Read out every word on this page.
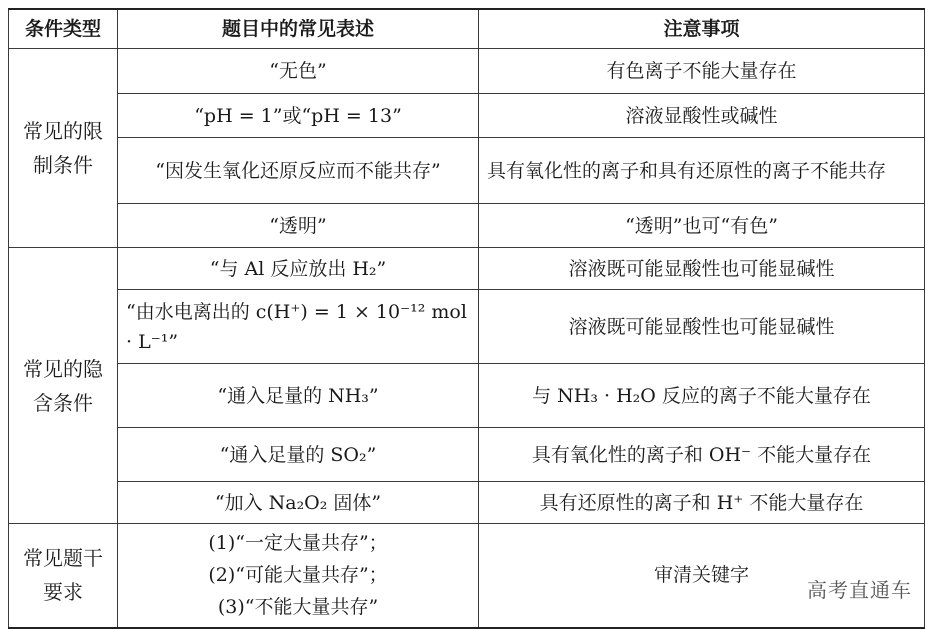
条件类型	题目中的常见表述	注意事项
常见的限制条件	“无色”	有色离子不能大量存在
	“pH = 1”或“pH = 13”	溶液显酸性或碱性
	“因发生氧化还原反应而不能共存”	具有氧化性的离子和具有还原性的离子不能共存
	“透明”	“透明”也可“有色”
常见的隐含条件	“与 Al 反应放出 H₂”	溶液既可能显酸性也可能显碱性
	“由水电离出的 c(H⁺) = 1 × 10⁻¹² mol · L⁻¹”	溶液既可能显酸性也可能显碱性
	“通入足量的 NH₃”	与 NH₃ · H₂O 反应的离子不能大量存在
	“通入足量的 SO₂”	具有氧化性的离子和 OH⁻ 不能大量存在
	“加入 Na₂O₂ 固体”	具有还原性的离子和 H⁺ 不能大量存在
常见题干要求	(1)“一定大量共存”；
(2)“可能大量共存”；
(3)“不能大量共存”	审清关键字
高考直通车
